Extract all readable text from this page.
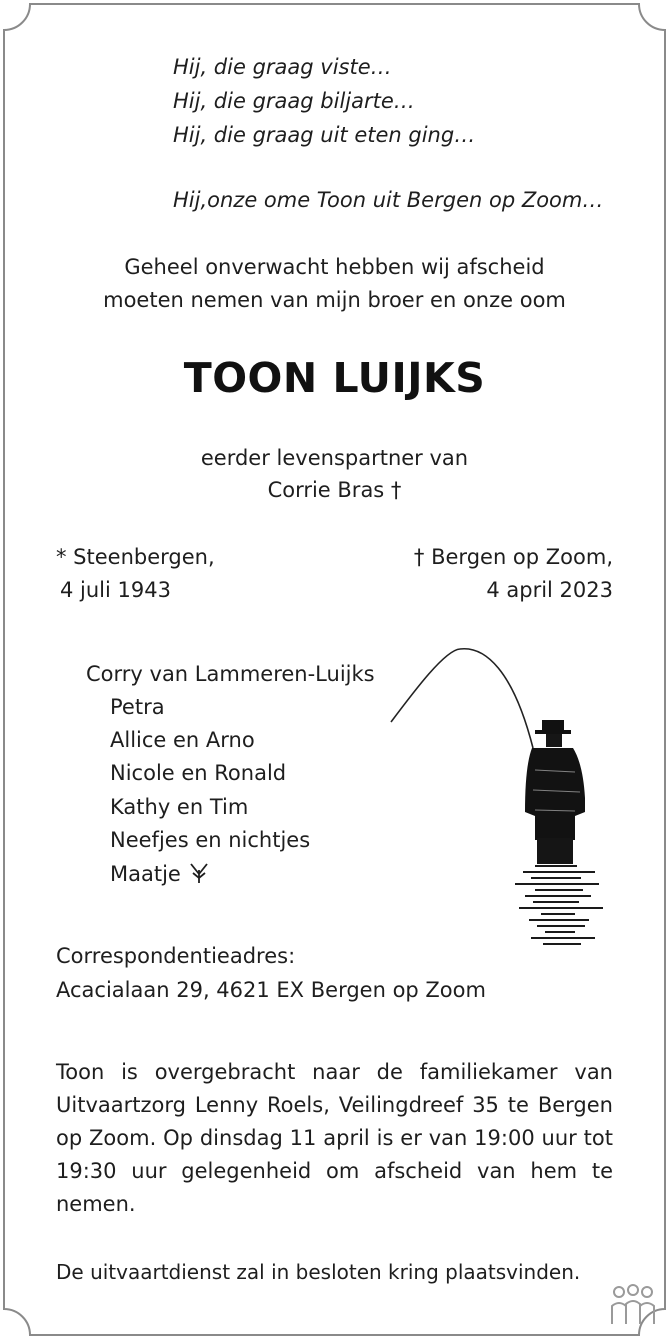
Hij, die graag viste…
Hij, die graag biljarte…
Hij, die graag uit eten ging…
Hij,onze ome Toon uit Bergen op Zoom…
Geheel onverwacht hebben wij afscheid
moeten nemen van mijn broer en onze oom
TOON LUIJKS
eerder levenspartner van
Corrie Bras †
* Steenbergen,
4 juli 1943
† Bergen op Zoom,
4 april 2023
Corry van Lammeren-Luijks
Petra
Allice en Arno
Nicole en Ronald
Kathy en Tim
Neefjes en nichtjes
Maatje
Correspondentieadres:
Acacialaan 29, 4621 EX Bergen op Zoom
Toon is overgebracht naar de familiekamer van Uitvaartzorg Lenny Roels, Veilingdreef 35 te Bergen op Zoom. Op dinsdag 11 april is er van 19:00 uur tot 19:30 uur gelegenheid om afscheid van hem te nemen.
De uitvaartdienst zal in besloten kring plaatsvinden.
